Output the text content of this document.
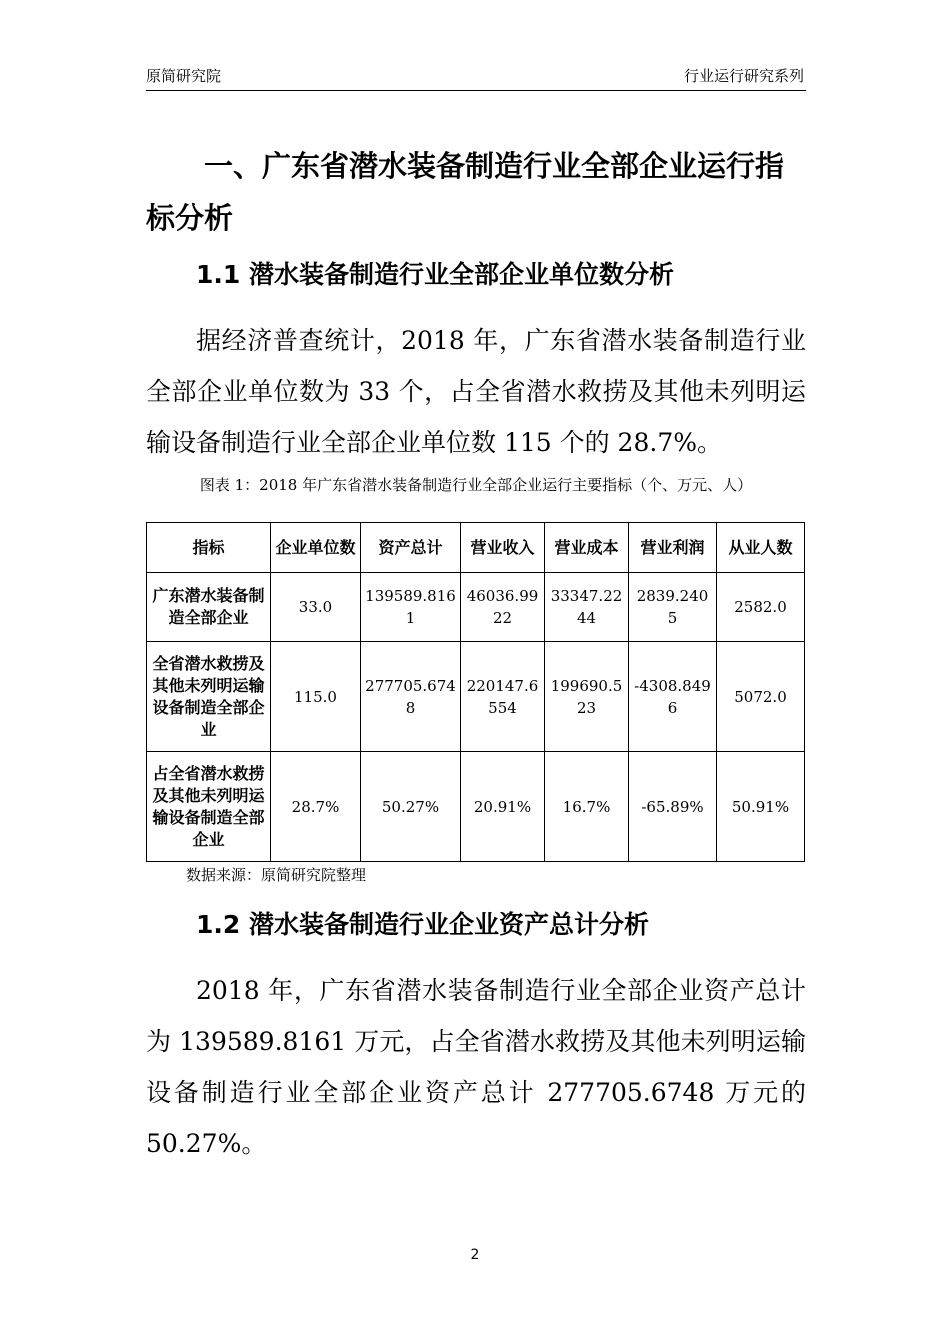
原简研究院	行业运行研究系列
一、广东省潜水装备制造行业全部企业运行指标分析
1.1 潜水装备制造行业全部企业单位数分析

据经济普查统计，2018 年，广东省潜水装备制造行业全部企业单位数为 33 个，占全省潜水救捞及其他未列明运输设备制造行业全部企业单位数 115 个的 28.7%。

图表 1：2018 年广东省潜水装备制造行业全部企业运行主要指标（个、万元、人）

指标	企业单位数	资产总计	营业收入	营业成本	营业利润	从业人数
广东潜水装备制造全部企业	33.0	139589.8161	46036.9922	33347.2244	2839.2405	2582.0
全省潜水救捞及其他未列明运输设备制造全部企业	115.0	277705.6748	220147.6554	199690.523	-4308.8496	5072.0
占全省潜水救捞及其他未列明运输设备制造全部企业	28.7%	50.27%	20.91%	16.7%	-65.89%	50.91%

数据来源：原简研究院整理

1.2 潜水装备制造行业企业资产总计分析

2018 年，广东省潜水装备制造行业全部企业资产总计为 139589.8161 万元，占全省潜水救捞及其他未列明运输设备制造行业全部企业资产总计 277705.6748 万元的 50.27%。

2
